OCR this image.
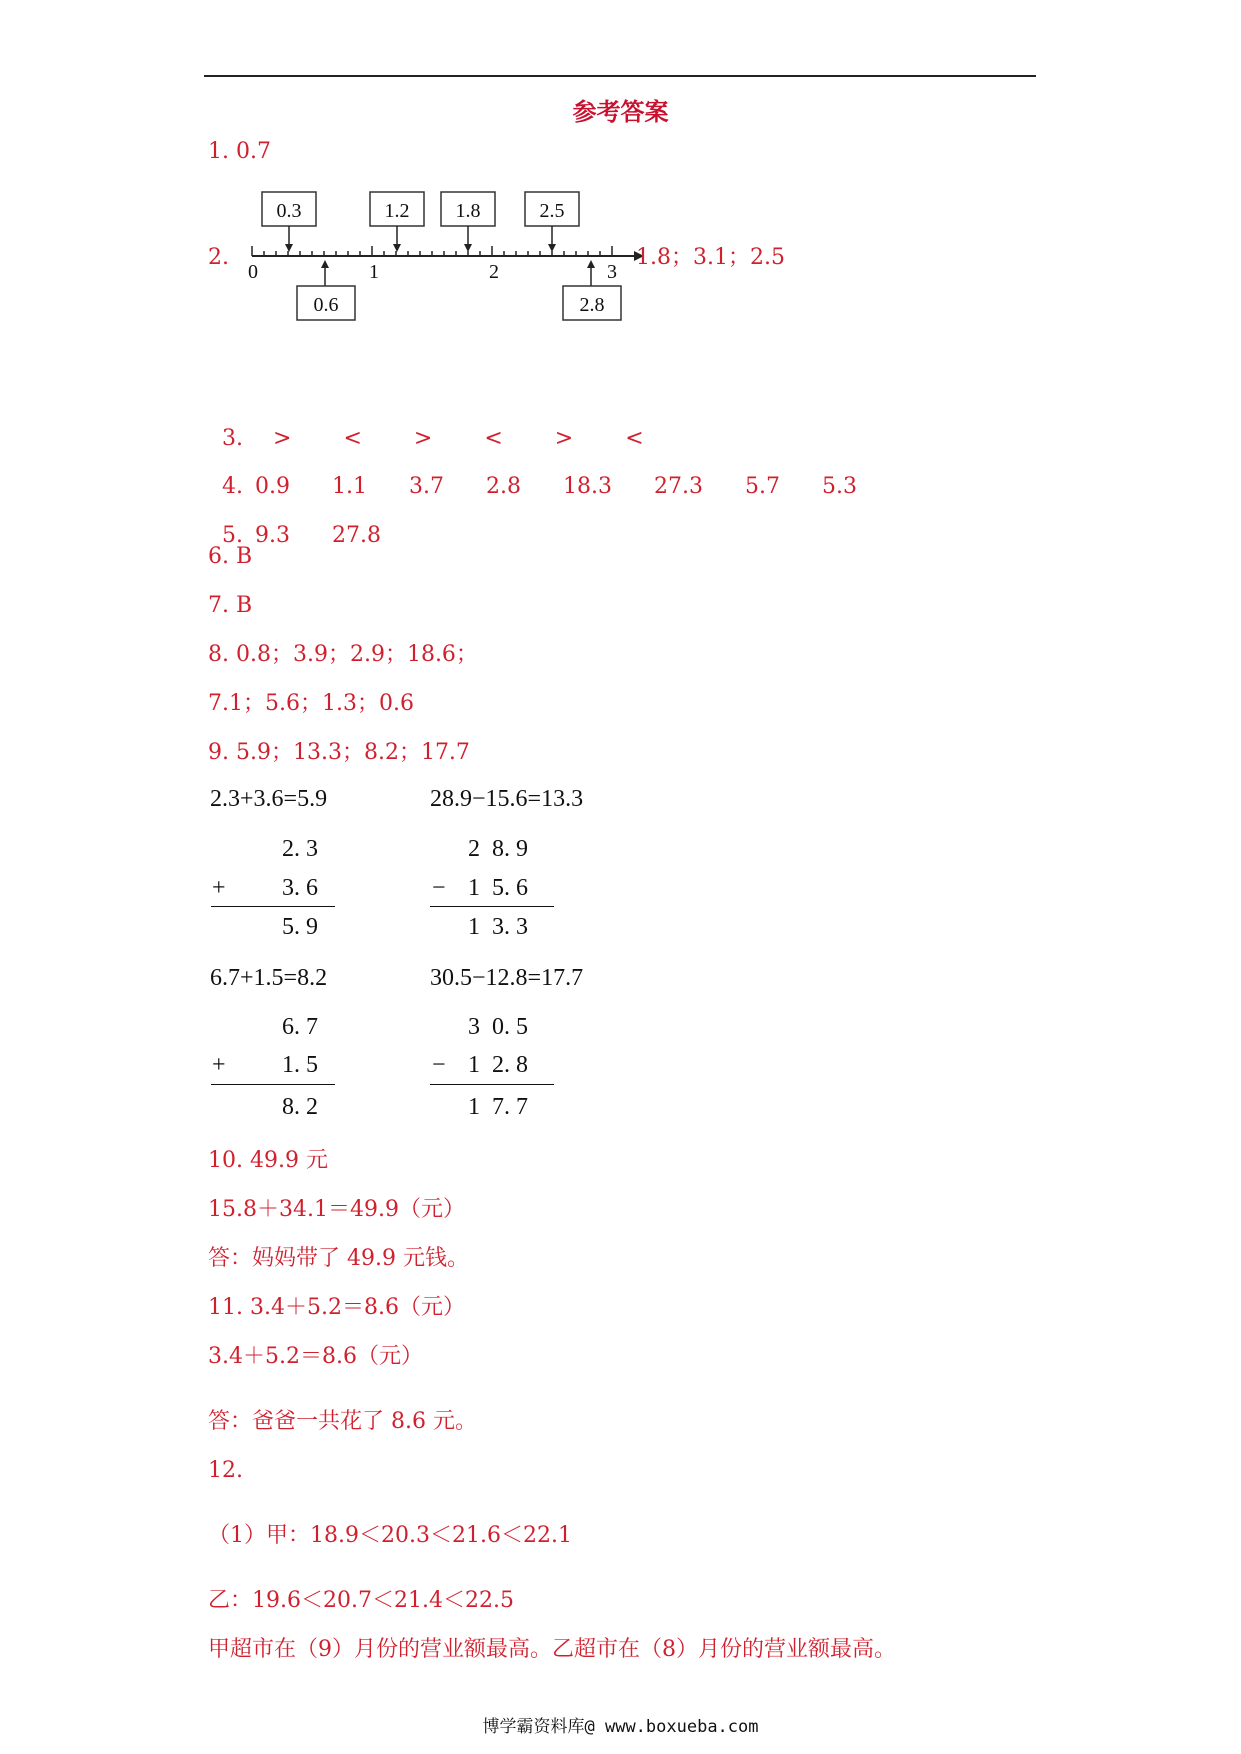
参考答案
1. 0.7
2.
0	1	2	3
0.3	1.2 1.8	2.5
0.6	2.8
1.8；3.1；2.5

3. > < > < > <

4. 0.9 1.1 3.7 2.8 18.3 27.3 5.7 5.3

5. 9.3 27.8

6. B
7. B
8. 0.8；3.9；2.9；18.6；
7.1；5.6；1.3；0.6
9. 5.9；13.3；8.2；17.7
2.3+3.6=5.9	28.9−15.6=13.3
2. 3
+ 3. 6
5. 9
2  8. 9
− 1  5. 6
1  3. 3
6.7+1.5=8.2	30.5−12.8=17.7
6. 7
+ 1. 5
8. 2
3  0. 5
− 1  2. 8
1  7. 7
10. 49.9 元
15.8＋34.1＝49.9（元）
答：妈妈带了 49.9 元钱。
11. 3.4＋5.2＝8.6（元）
3.4＋5.2＝8.6（元）
答：爸爸一共花了 8.6 元。
12.
（1）甲：18.9＜20.3＜21.6＜22.1
乙：19.6＜20.7＜21.4＜22.5
甲超市在（9）月份的营业额最高。乙超市在（8）月份的营业额最高。
博学霸资料库@ www.boxueba.com
